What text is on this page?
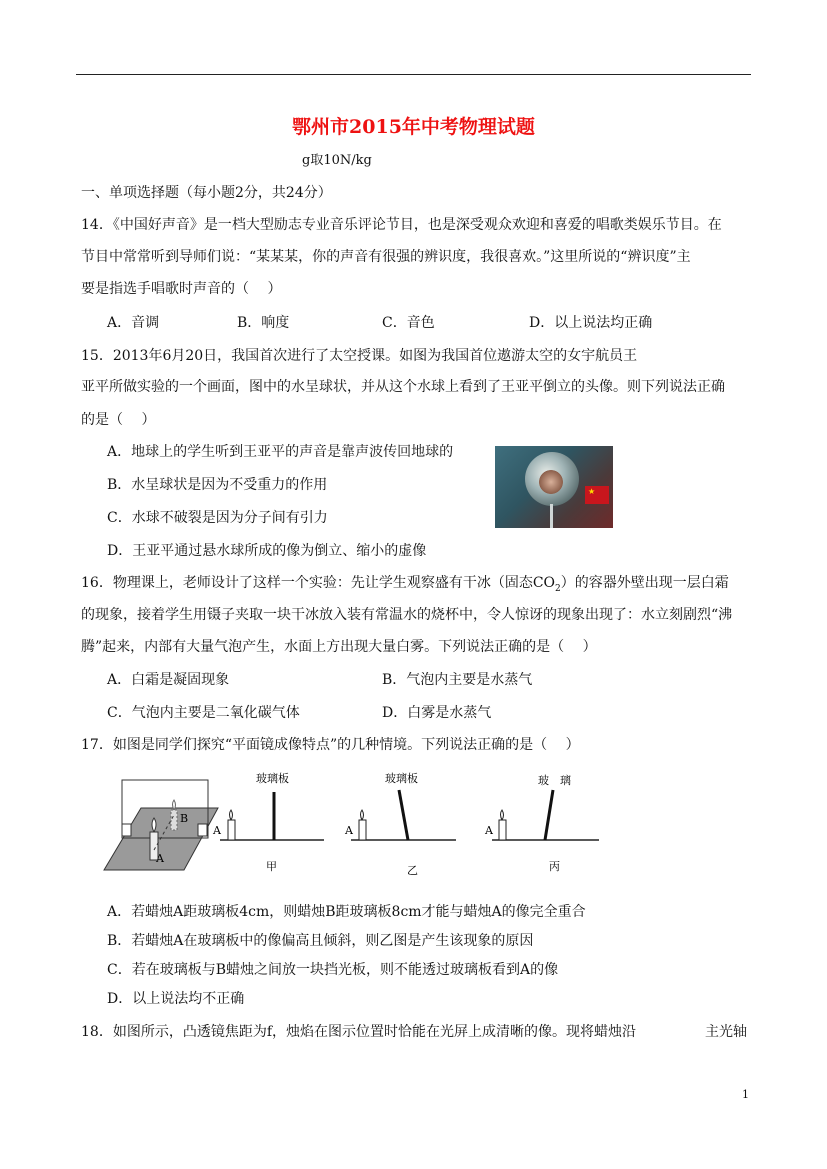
鄂州市2015年中考物理试题
g取10N/kg
一、单项选择题（每小题2分，共24分）
14．《中国好声音》是一档大型励志专业音乐评论节目，也是深受观众欢迎和喜爱的唱歌类娱乐节目。在
节目中常常听到导师们说：“某某某，你的声音有很强的辨识度，我很喜欢。”这里所说的“辨识度”主
要是指选手唱歌时声音的（　 ）
A．音调	B．响度	C．音色	D．以上说法均正确
15．2013年6月20日，我国首次进行了太空授课。如图为我国首位遨游太空的女宇航员王
亚平所做实验的一个画面，图中的水呈球状，并从这个水球上看到了王亚平倒立的头像。则下列说法正确
的是（　 ）
A．地球上的学生听到王亚平的声音是靠声波传回地球的
B．水呈球状是因为不受重力的作用
C．水球不破裂是因为分子间有引力
D．王亚平通过悬水球所成的像为倒立、缩小的虚像
★
16．物理课上，老师设计了这样一个实验：先让学生观察盛有干冰（固态$CO_2$）的容器外壁出现一层白霜
的现象，接着学生用镊子夹取一块干冰放入装有常温水的烧杯中，令人惊讶的现象出现了：水立刻剧烈“沸
腾”起来，内部有大量气泡产生，水面上方出现大量白雾。下列说法正确的是（　 ）
A．白霜是凝固现象	B．气泡内主要是水蒸气
C．气泡内主要是二氧化碳气体	D．白雾是水蒸气
17．如图是同学们探究“平面镜成像特点”的几种情境。下列说法正确的是（　 ）
B
A
A
玻璃板
甲
A
玻璃板
乙
A
玻　璃
丙
A．若蜡烛A距玻璃板4cm，则蜡烛B距玻璃板8cm才能与蜡烛A的像完全重合
B．若蜡烛A在玻璃板中的像偏高且倾斜，则乙图是产生该现象的原因
C．若在玻璃板与B蜡烛之间放一块挡光板，则不能透过玻璃板看到A的像
D．以上说法均不正确
18．如图所示，凸透镜焦距为f，烛焰在图示位置时恰能在光屏上成清晰的像。现将蜡烛沿	主光轴
1
